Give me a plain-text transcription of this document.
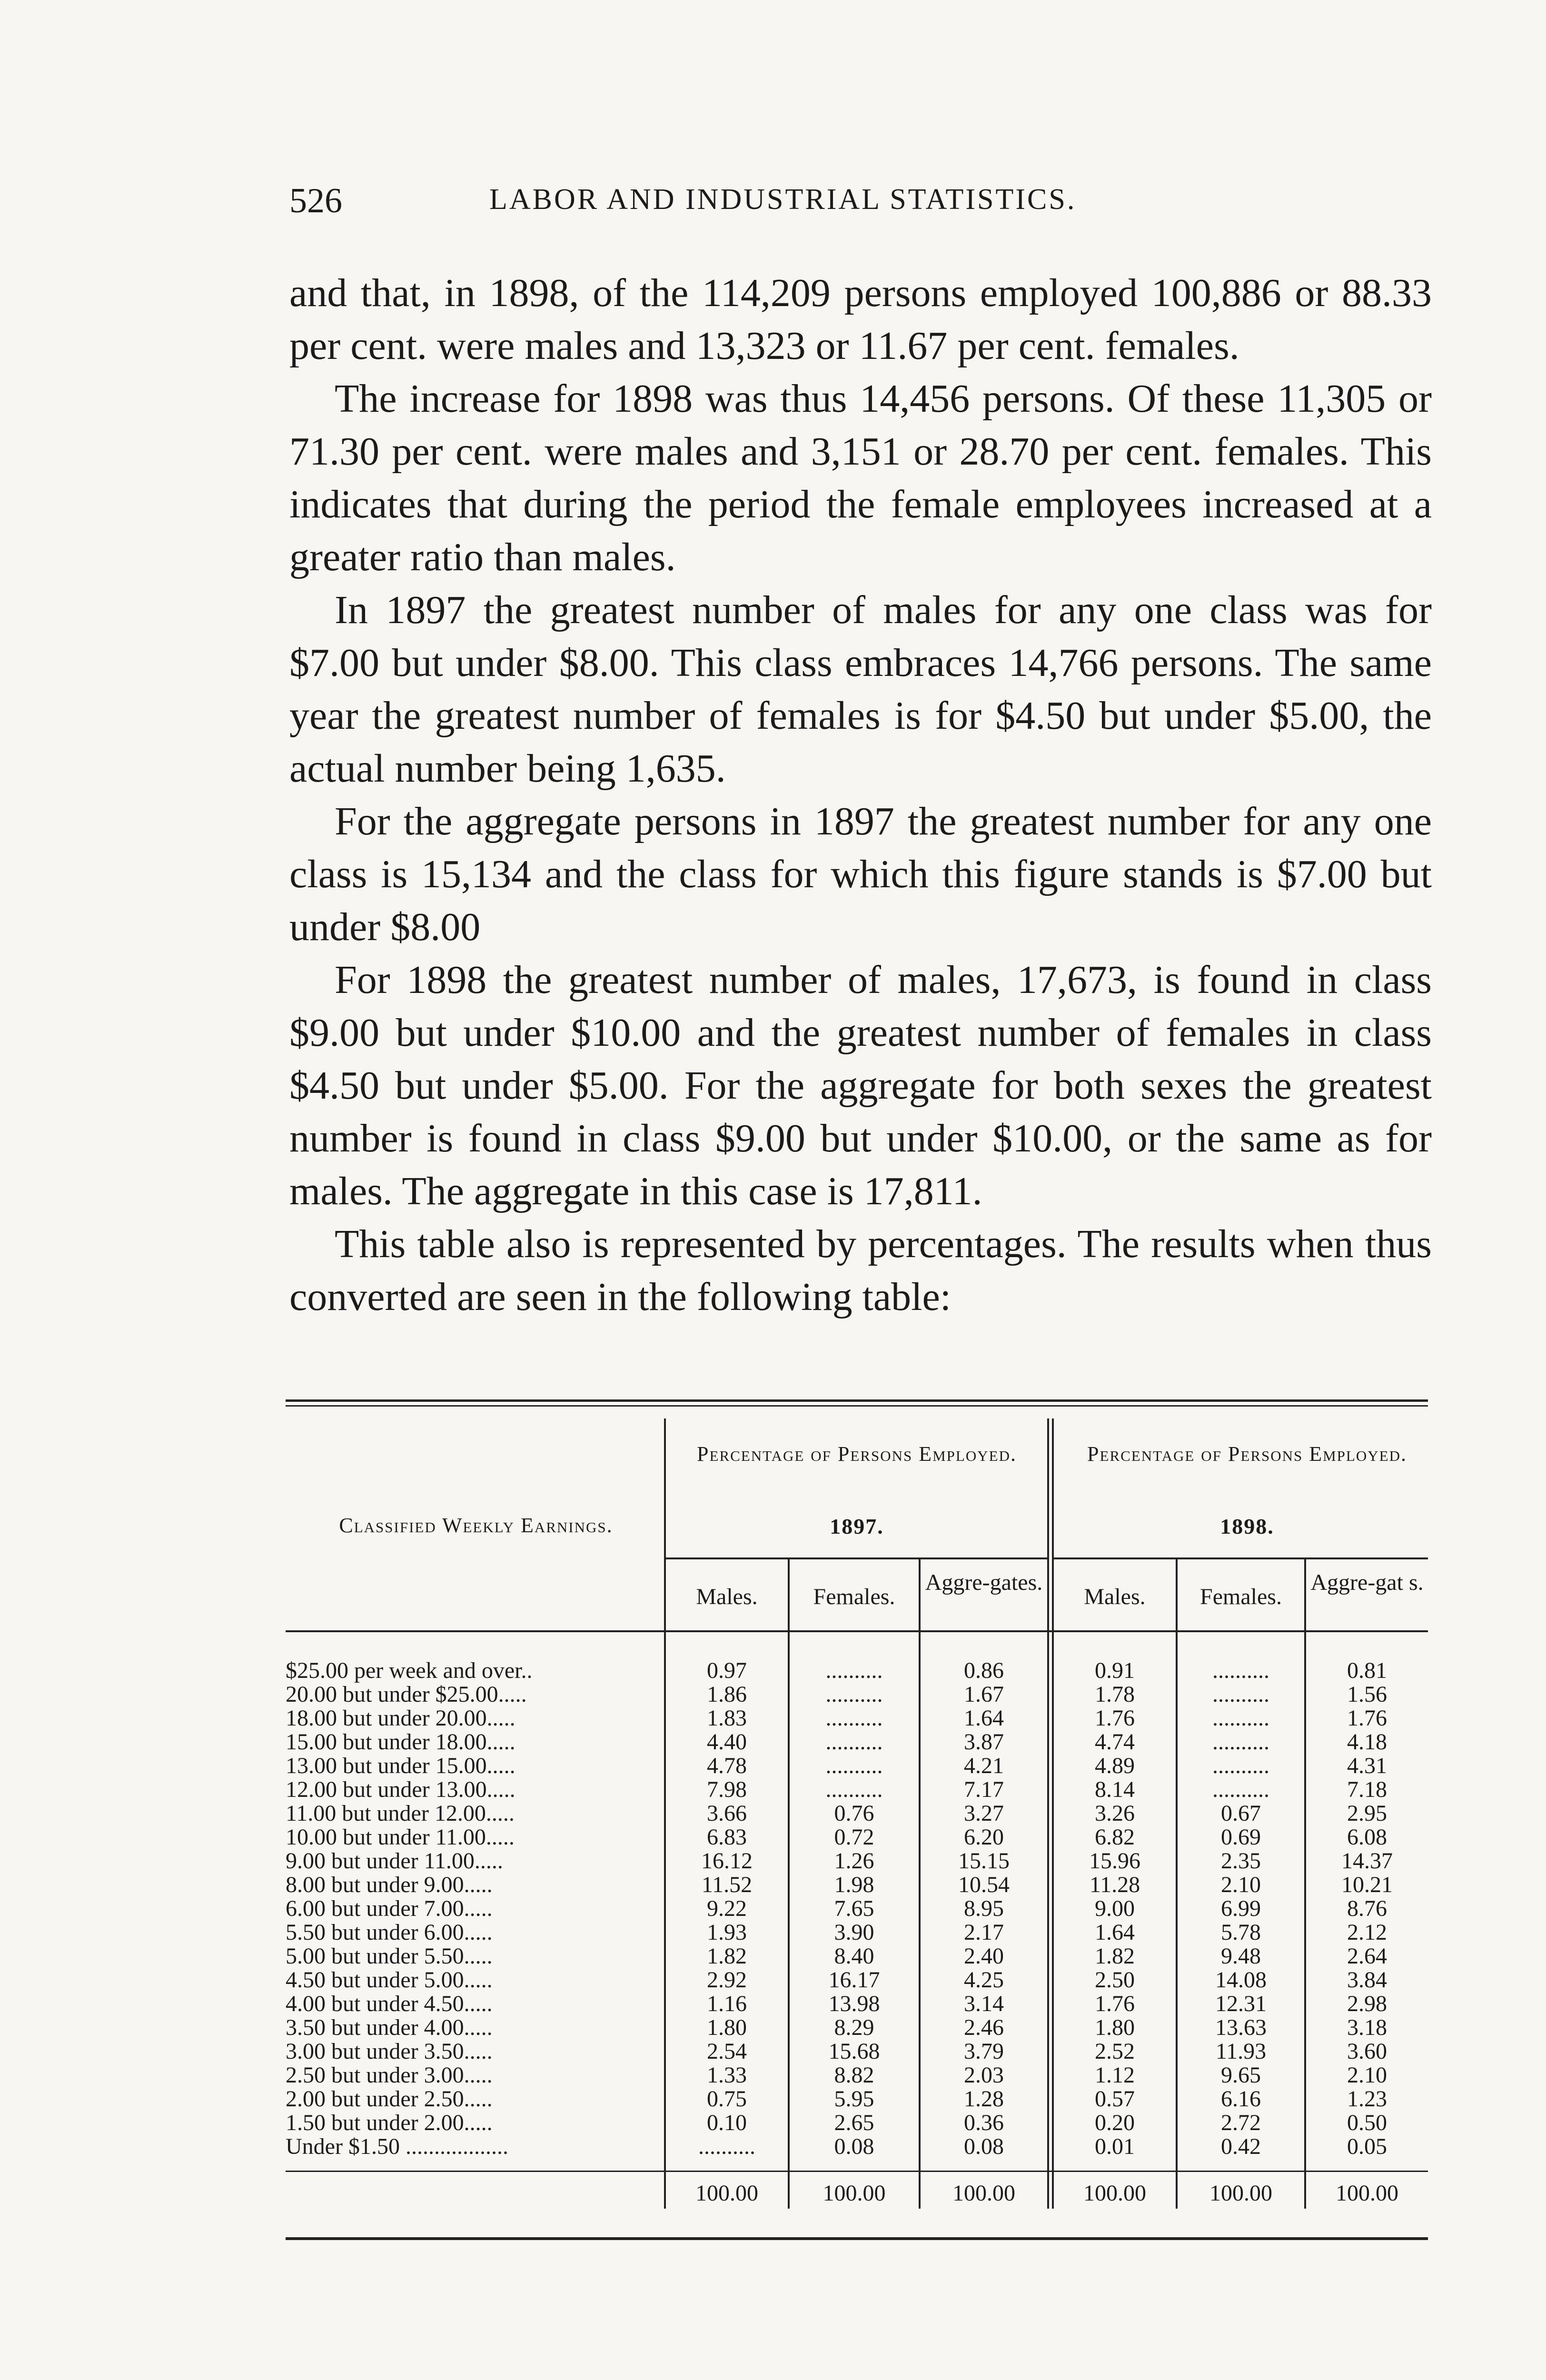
526	LABOR AND INDUSTRIAL STATISTICS.

and that, in 1898, of the 114,209 persons employed 100,886 or 88.33 per cent. were males and 13,323 or 11.67 per cent. females.

The increase for 1898 was thus 14,456 persons. Of these 11,305 or 71.30 per cent. were males and 3,151 or 28.70 per cent. females. This indicates that during the period the female employees increased at a greater ratio than males.

In 1897 the greatest number of males for any one class was for $7.00 but under $8.00. This class embraces 14,766 persons. The same year the greatest number of females is for $4.50 but under $5.00, the actual number being 1,635.

For the aggregate persons in 1897 the greatest number for any one class is 15,134 and the class for which this figure stands is $7.00 but under $8.00

For 1898 the greatest number of males, 17,673, is found in class $9.00 but under $10.00 and the greatest number of females in class $4.50 but under $5.00. For the aggregate for both sexes the greatest number is found in class $9.00 but under $10.00, or the same as for males. The aggregate in this case is 17,811.

This table also is represented by percentages. The results when thus converted are seen in the following table:

Classified Weekly Earnings.
Percentage of Persons Employed.
1897.
Percentage of Persons Employed.
1898.
Males.	Females.
Aggre-gates.
Males.	Females.
Aggre-gat s.
$25.00 per week and over..	0.97	..........	0.86	0.91	..........	0.81
20.00 but under $25.00.....	1.86	..........	1.67	1.78	..........	1.56
18.00 but under 20.00.....	1.83	..........	1.64	1.76	..........	1.76
15.00 but under 18.00.....	4.40	..........	3.87	4.74	..........	4.18
13.00 but under 15.00.....	4.78	..........	4.21	4.89	..........	4.31
12.00 but under 13.00.....	7.98	..........	7.17	8.14	..........	7.18
11.00 but under 12.00.....	3.66	0.76	3.27	3.26	0.67	2.95
10.00 but under 11.00.....	6.83	0.72	6.20	6.82	0.69	6.08
9.00 but under 11.00.....	16.12	1.26	15.15	15.96	2.35	14.37
8.00 but under 9.00.....	11.52	1.98	10.54	11.28	2.10	10.21
6.00 but under 7.00.....	9.22	7.65	8.95	9.00	6.99	8.76
5.50 but under 6.00.....	1.93	3.90	2.17	1.64	5.78	2.12
5.00 but under 5.50.....	1.82	8.40	2.40	1.82	9.48	2.64
4.50 but under 5.00.....	2.92	16.17	4.25	2.50	14.08	3.84
4.00 but under 4.50.....	1.16	13.98	3.14	1.76	12.31	2.98
3.50 but under 4.00.....	1.80	8.29	2.46	1.80	13.63	3.18
3.00 but under 3.50.....	2.54	15.68	3.79	2.52	11.93	3.60
2.50 but under 3.00.....	1.33	8.82	2.03	1.12	9.65	2.10
2.00 but under 2.50.....	0.75	5.95	1.28	0.57	6.16	1.23
1.50 but under 2.00.....	0.10	2.65	0.36	0.20	2.72	0.50
Under $1.50 ..................	..........	0.08	0.08	0.01	0.42	0.05
100.00	100.00	100.00	100.00	100.00	100.00
